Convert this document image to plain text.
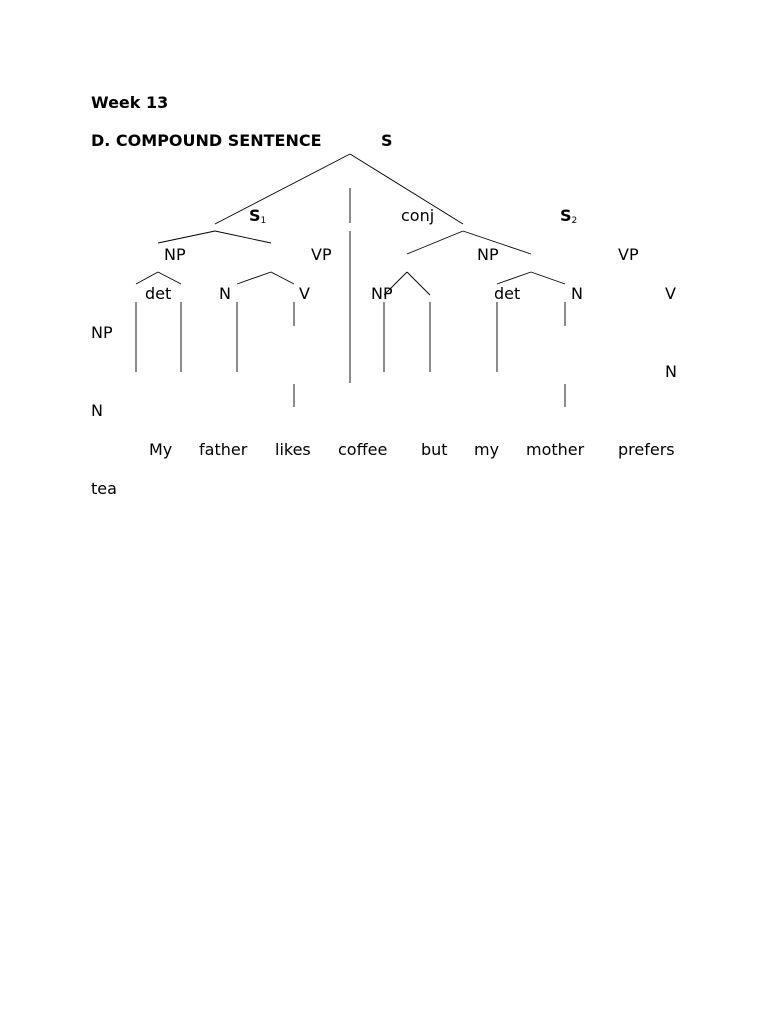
Week 13
D. COMPOUND SENTENCE	S
$S_1$	conj	$S_2$
NP	VP	NP	VP
det	N	V	NP	det	N	V
NP
N
N
My father likes coffee but my mother prefers
tea
